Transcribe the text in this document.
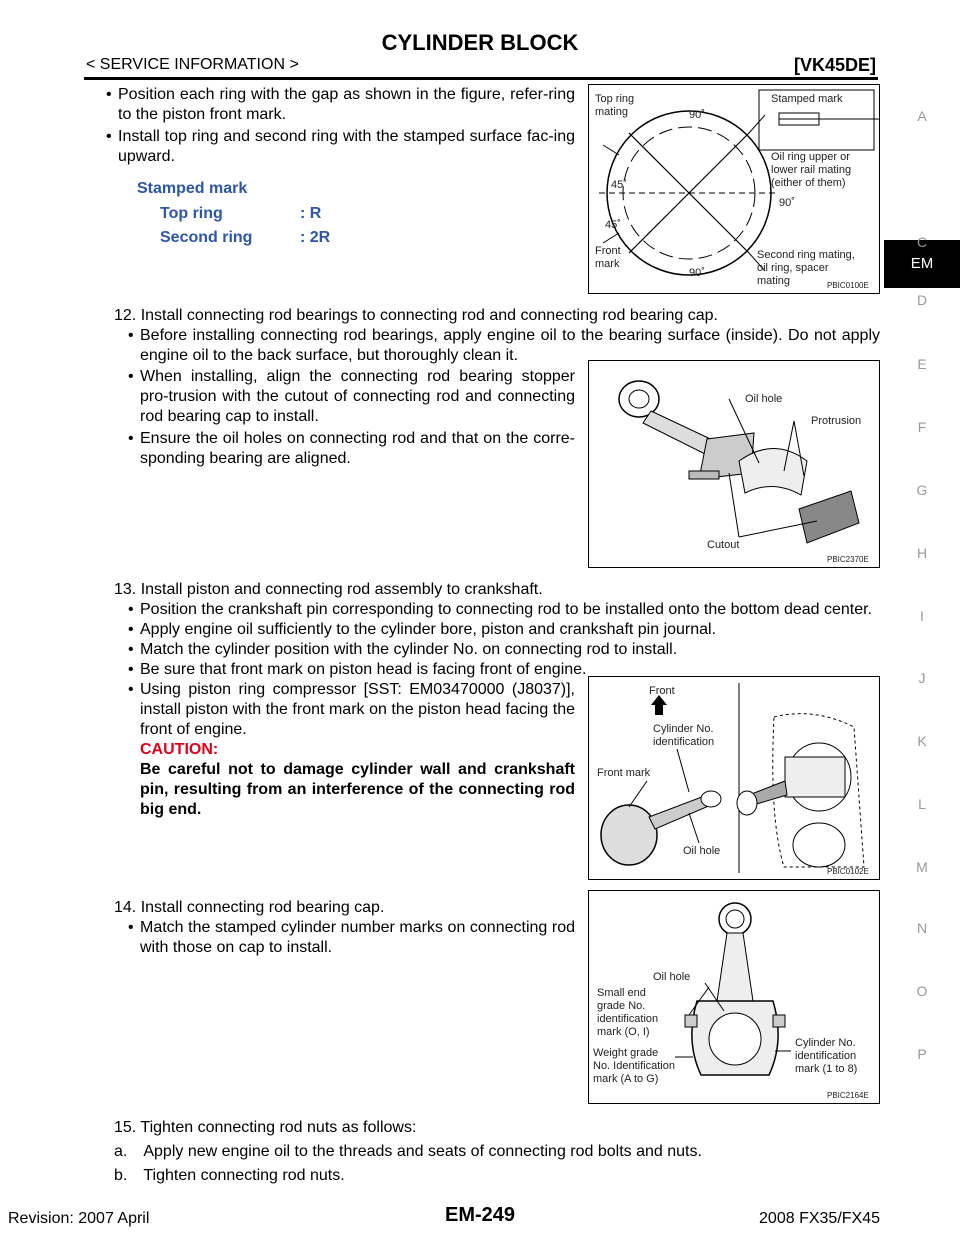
CYLINDER BLOCK
< SERVICE INFORMATION >	[VK45DE]
A
EM
C
D
E
F
G
H
I
J
K
L
M
N
O
P
• Position each ring with the gap as shown in the figure, refer-ring to the piston front mark.
• Install top ring and second ring with the stamped surface fac-ing upward.
Stamped mark
Top ring	: R
Second ring	: 2R
Top ring
mating	90˚
Stamped mark
Oil ring upper or
lower rail mating
(either of them)
45˚
90˚
45˚
Front
mark
Second ring mating,
oil ring, spacer
mating
90˚
PBIC0100E
12. Install connecting rod bearings to connecting rod and connecting rod bearing cap.
• Before installing connecting rod bearings, apply engine oil to the bearing surface (inside). Do not apply engine oil to the back surface, but thoroughly clean it.
• When installing, align the connecting rod bearing stopper pro-trusion with the cutout of connecting rod and connecting rod bearing cap to install.
• Ensure the oil holes on connecting rod and that on the corre-sponding bearing are aligned.
Oil hole
Protrusion
Cutout
PBIC2370E
13. Install piston and connecting rod assembly to crankshaft.
• Position the crankshaft pin corresponding to connecting rod to be installed onto the bottom dead center.
• Apply engine oil sufficiently to the cylinder bore, piston and crankshaft pin journal.
• Match the cylinder position with the cylinder No. on connecting rod to install.
• Be sure that front mark on piston head is facing front of engine.
• Using piston ring compressor [SST: EM03470000 (J8037)], install piston with the front mark on the piston head facing the front of engine.
CAUTION:
Be careful not to damage cylinder wall and crankshaft pin, resulting from an interference of the connecting rod big end.
Front
Cylinder No.
identification
Front mark
Oil hole
PBIC0102E
14. Install connecting rod bearing cap.
• Match the stamped cylinder number marks on connecting rod with those on cap to install.
Oil hole
Small end
grade No.
identification
mark (O, I)
Weight grade
No. Identification
mark (A to G)
Cylinder No.
identification
mark (1 to 8)
PBIC2164E
15. Tighten connecting rod nuts as follows:
a. Apply new engine oil to the threads and seats of connecting rod bolts and nuts.
b. Tighten connecting rod nuts.
EM-249
Revision: 2007 April	2008 FX35/FX45
